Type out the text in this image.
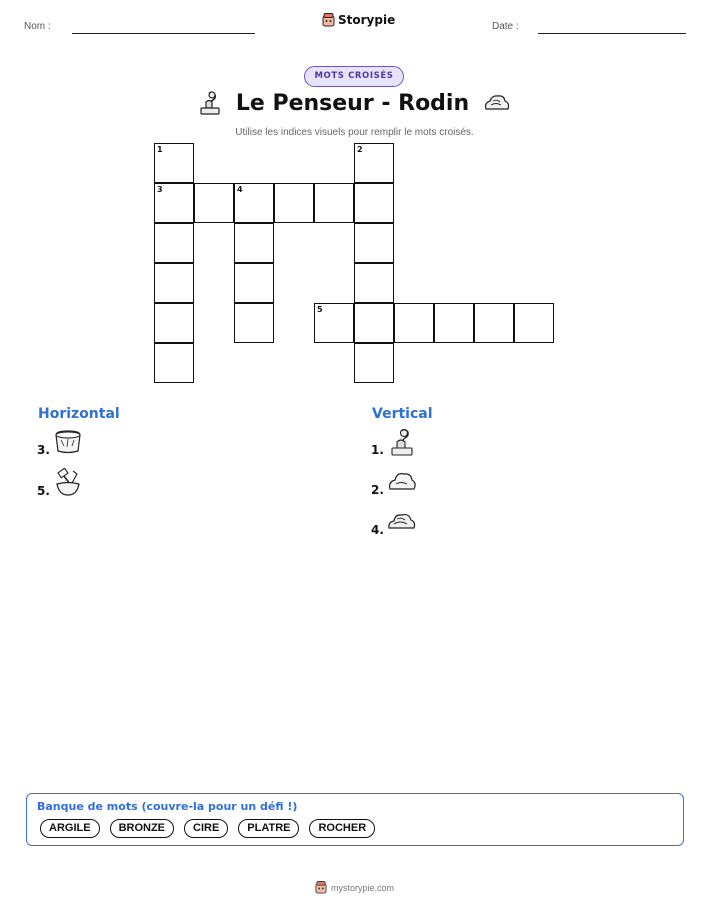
Nom :	Storypie	Date :
MOTS CROISÉS
Le Penseur - Rodin
Utilise les indices visuels pour remplir le mots croisés.
1
3	4
2
5
Horizontal
3.
5.
Vertical
1.
2.
4.
Banque de mots (couvre-la pour un défi !)
ARGILE	BRONZE	CIRE	PLATRE	ROCHER
mystorypie.com
